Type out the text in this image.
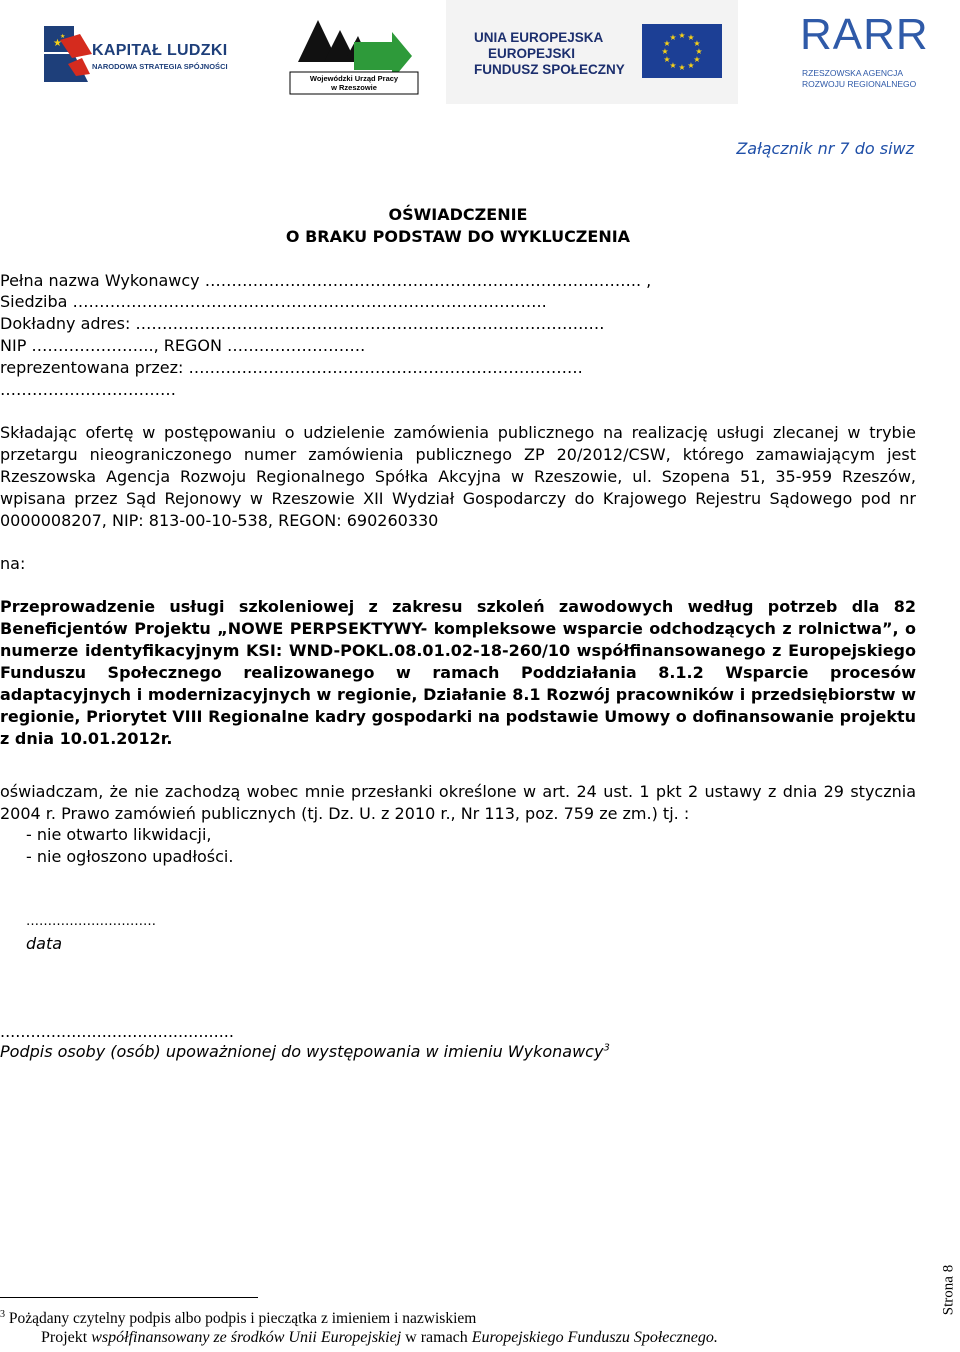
★
★
KAPITAŁ LUDZKI
NARODOWA STRATEGIA SPÓJNOŚCI
Wojewódzki Urząd Pracy
w Rzeszowie
UNIA EUROPEJSKA
EUROPEJSKI
FUNDUSZ SPOŁECZNY
★ ★
★
★
★
★
★
★
★
★
★
★	RARR
RZESZOWSKA AGENCJA
ROZWOJU REGIONALNEGO
Załącznik nr 7 do siwz
OŚWIADCZENIE
O BRAKU PODSTAW DO WYKLUCZENIA
Pełna nazwa Wykonawcy ………………………………………………………………..…….. ,
Siedziba ……………………………………………………………………………..
Dokładny adres: ………………………………………………………………………….…
NIP ………………….., REGON …….……………….
reprezentowana przez: ….…………………………………………………………….
……………………………
Składając ofertę w postępowaniu o udzielenie zamówienia publicznego na realizację usługi zlecanej w trybie przetargu nieograniczonego numer zamówienia publicznego ZP 20/2012/CSW, którego zamawiającym jest Rzeszowska Agencja Rozwoju Regionalnego Spółka Akcyjna w Rzeszowie, ul. Szopena 51, 35-959 Rzeszów, wpisana przez Sąd Rejonowy w Rzeszowie XII Wydział Gospodarczy do Krajowego Rejestru Sądowego pod nr 0000008207, NIP: 813-00-10-538, REGON: 690260330
na:
Przeprowadzenie usługi szkoleniowej z zakresu szkoleń zawodowych według potrzeb dla 82 Beneficjentów Projektu „NOWE PERPSEKTYWY- kompleksowe wsparcie odchodzących z rolnictwa”, o numerze identyfikacyjnym KSI: WND-POKL.08.01.02-18-260/10 współfinansowanego z Europejskiego Funduszu Społecznego realizowanego w ramach Poddziałania 8.1.2 Wsparcie procesów adaptacyjnych i modernizacyjnych w regionie, Działanie 8.1 Rozwój pracowników i przedsiębiorstw w regionie, Priorytet VIII Regionalne kadry gospodarki na podstawie Umowy o dofinansowanie projektu z dnia 10.01.2012r.
oświadczam, że nie zachodzą wobec mnie przesłanki określone w art. 24 ust. 1 pkt 2 ustawy z dnia 29 stycznia 2004 r. Prawo zamówień publicznych (tj. Dz. U. z 2010 r., Nr 113, poz. 759 ze zm.) tj. :
- nie otwarto likwidacji,
- nie ogłoszono upadłości.
…………………………
data
..............................................
Podpis osoby (osób) upoważnionej do występowania w imieniu Wykonawcy$^3$
$^3$ Pożądany czytelny podpis albo podpis i pieczątka z imieniem i nazwiskiem
Projekt współfinansowany ze środków Unii Europejskiej w ramach Europejskiego Funduszu Społecznego.
Strona 8
